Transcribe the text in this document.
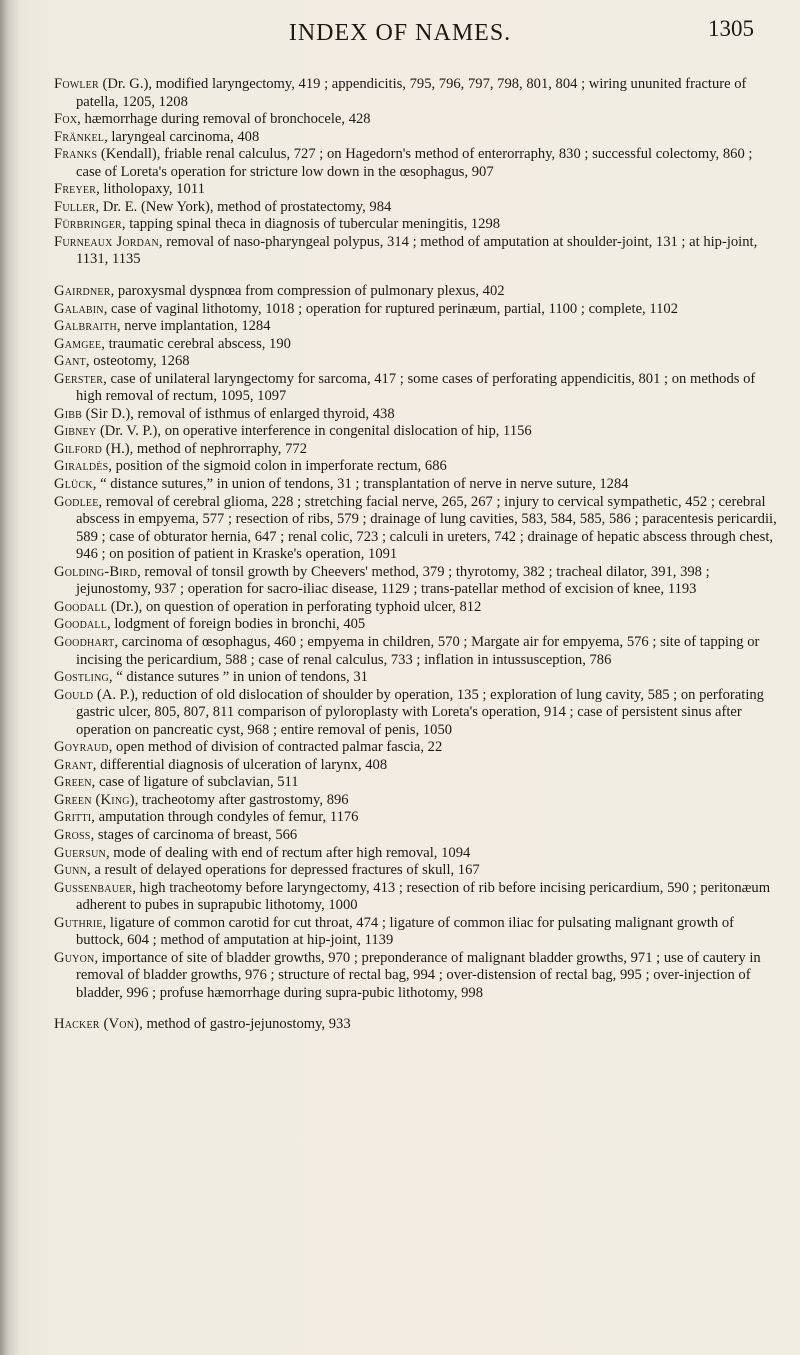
INDEX OF NAMES.	1305
Fowler (Dr. G.), modified laryngectomy, 419 ; appendicitis, 795, 796, 797, 798, 801, 804 ; wiring ununited fracture of patella, 1205, 1208
Fox, hæmorrhage during removal of bronchocele, 428
Fränkel, laryngeal carcinoma, 408
Franks (Kendall), friable renal calculus, 727 ; on Hagedorn's method of enterorraphy, 830 ; successful colectomy, 860 ; case of Loreta's operation for stricture low down in the œsophagus, 907
Freyer, litholopaxy, 1011
Fuller, Dr. E. (New York), method of prostatectomy, 984
Fürbringer, tapping spinal theca in diagnosis of tubercular meningitis, 1298
Furneaux Jordan, removal of naso-pharyngeal polypus, 314 ; method of amputation at shoulder-joint, 131 ; at hip-joint, 1131, 1135
Gairdner, paroxysmal dyspnœa from compression of pulmonary plexus, 402
Galabin, case of vaginal lithotomy, 1018 ; operation for ruptured perinæum, partial, 1100 ; complete, 1102
Galbraith, nerve implantation, 1284
Gamgee, traumatic cerebral abscess, 190
Gant, osteotomy, 1268
Gerster, case of unilateral laryngectomy for sarcoma, 417 ; some cases of perforating appendicitis, 801 ; on methods of high removal of rectum, 1095, 1097
Gibb (Sir D.), removal of isthmus of enlarged thyroid, 438
Gibney (Dr. V. P.), on operative interference in congenital dislocation of hip, 1156
Gilford (H.), method of nephrorraphy, 772
Giraldès, position of the sigmoid colon in imperforate rectum, 686
Glück, “ distance sutures,” in union of tendons, 31 ; transplantation of nerve in nerve suture, 1284
Godlee, removal of cerebral glioma, 228 ; stretching facial nerve, 265, 267 ; injury to cervical sympathetic, 452 ; cerebral abscess in empyema, 577 ; resection of ribs, 579 ; drainage of lung cavities, 583, 584, 585, 586 ; paracentesis pericardii, 589 ; case of obturator hernia, 647 ; renal colic, 723 ; calculi in ureters, 742 ; drainage of hepatic abscess through chest, 946 ; on position of patient in Kraske's operation, 1091
Golding-Bird, removal of tonsil growth by Cheevers' method, 379 ; thyrotomy, 382 ; tracheal dilator, 391, 398 ; jejunostomy, 937 ; operation for sacro-iliac disease, 1129 ; trans-patellar method of excision of knee, 1193
Goodall (Dr.), on question of operation in perforating typhoid ulcer, 812
Goodall, lodgment of foreign bodies in bronchi, 405
Goodhart, carcinoma of œsophagus, 460 ; empyema in children, 570 ; Margate air for empyema, 576 ; site of tapping or incising the pericardium, 588 ; case of renal calculus, 733 ; inflation in intussusception, 786
Gostling, “ distance sutures ” in union of tendons, 31
Gould (A. P.), reduction of old dislocation of shoulder by operation, 135 ; exploration of lung cavity, 585 ; on perforating gastric ulcer, 805, 807, 811 comparison of pyloroplasty with Loreta's operation, 914 ; case of persistent sinus after operation on pancreatic cyst, 968 ; entire removal of penis, 1050
Goyraud, open method of division of contracted palmar fascia, 22
Grant, differential diagnosis of ulceration of larynx, 408
Green, case of ligature of subclavian, 511
Green (King), tracheotomy after gastrostomy, 896
Gritti, amputation through condyles of femur, 1176
Gross, stages of carcinoma of breast, 566
Guersun, mode of dealing with end of rectum after high removal, 1094
Gunn, a result of delayed operations for depressed fractures of skull, 167
Gussenbauer, high tracheotomy before laryngectomy, 413 ; resection of rib before incising pericardium, 590 ; peritonæum adherent to pubes in suprapubic lithotomy, 1000
Guthrie, ligature of common carotid for cut throat, 474 ; ligature of common iliac for pulsating malignant growth of buttock, 604 ; method of amputation at hip-joint, 1139
Guyon, importance of site of bladder growths, 970 ; preponderance of malignant bladder growths, 971 ; use of cautery in removal of bladder growths, 976 ; structure of rectal bag, 994 ; over-distension of rectal bag, 995 ; over-injection of bladder, 996 ; profuse hæmorrhage during supra-pubic lithotomy, 998
Hacker (Von), method of gastro-jejunostomy, 933
